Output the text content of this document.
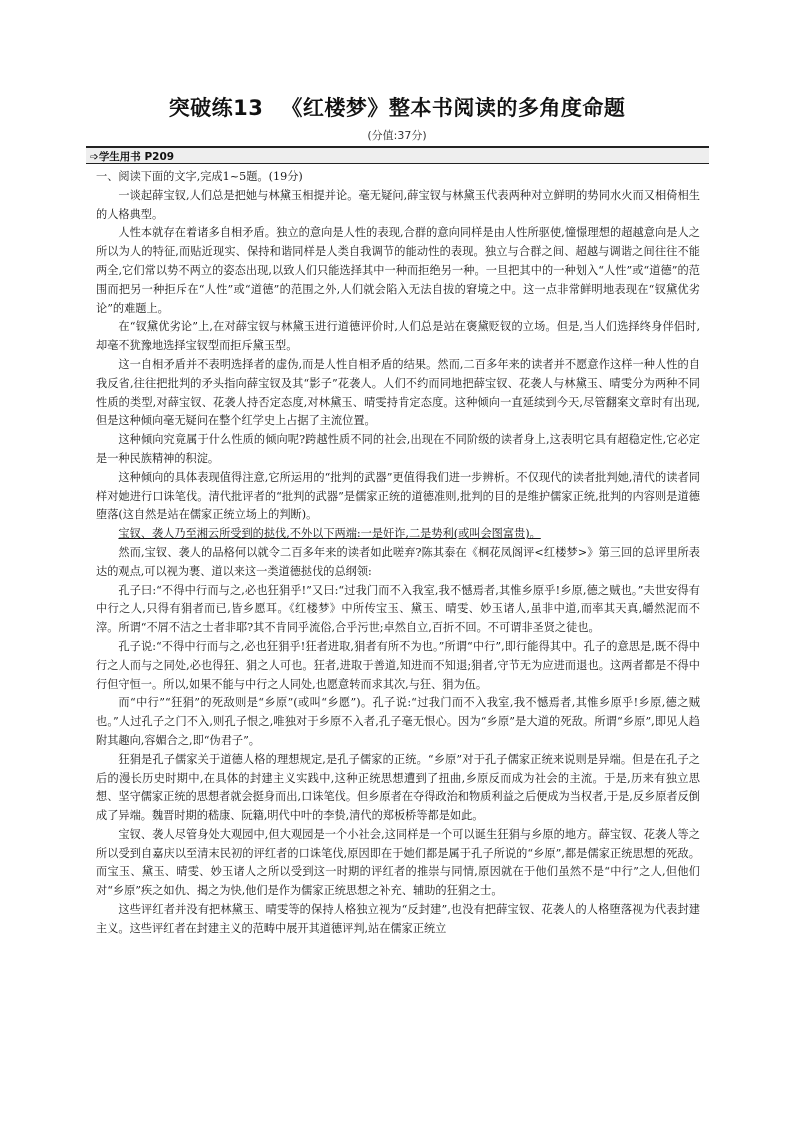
突破练13 《红楼梦》整本书阅读的多角度命题
(分值:37分)
➩学生用书 P209

一、阅读下面的文字,完成1~5题。(19分)

一谈起薛宝钗,人们总是把她与林黛玉相提并论。毫无疑问,薛宝钗与林黛玉代表两种对立鲜明的势同水火而又相倚相生的人格典型。

人性本就存在着诸多自相矛盾。独立的意向是人性的表现,合群的意向同样是由人性所驱使,憧憬理想的超越意向是人之所以为人的特征,而贴近现实、保持和谐同样是人类自我调节的能动性的表现。独立与合群之间、超越与调谐之间往往不能两全,它们常以势不两立的姿态出现,以致人们只能选择其中一种而拒绝另一种。一旦把其中的一种划入“人性”或“道德”的范围而把另一种拒斥在“人性”或“道德”的范围之外,人们就会陷入无法自拔的窘境之中。这一点非常鲜明地表现在“钗黛优劣论”的难题上。

在“钗黛优劣论”上,在对薛宝钗与林黛玉进行道德评价时,人们总是站在褒黛贬钗的立场。但是,当人们选择终身伴侣时,却毫不犹豫地选择宝钗型而拒斥黛玉型。

这一自相矛盾并不表明选择者的虚伪,而是人性自相矛盾的结果。然而,二百多年来的读者并不愿意作这样一种人性的自我反省,往往把批判的矛头指向薛宝钗及其“影子”花袭人。人们不约而同地把薛宝钗、花袭人与林黛玉、晴雯分为两种不同性质的类型,对薛宝钗、花袭人持否定态度,对林黛玉、晴雯持肯定态度。这种倾向一直延续到今天,尽管翻案文章时有出现,但是这种倾向毫无疑问在整个红学史上占据了主流位置。

这种倾向究竟属于什么性质的倾向呢?跨越性质不同的社会,出现在不同阶级的读者身上,这表明它具有超稳定性,它必定是一种民族精神的积淀。

这种倾向的具体表现值得注意,它所运用的“批判的武器”更值得我们进一步辨析。不仅现代的读者批判她,清代的读者同样对她进行口诛笔伐。清代批评者的“批判的武器”是儒家正统的道德准则,批判的目的是维护儒家正统,批判的内容则是道德堕落(这自然是站在儒家正统立场上的判断)。

宝钗、袭人乃至湘云所受到的挞伐,不外以下两端:一是奸诈,二是势利(或叫会图富贵)。

然而,宝钗、袭人的品格何以就令二百多年来的读者如此嗟弃?陈其泰在《桐花凤阁评<红楼梦>》第三回的总评里所表达的观点,可以视为裹、道以来这一类道德挞伐的总纲领:

孔子曰:“不得中行而与之,必也狂狷乎!”又曰:“过我门而不入我室,我不憾焉者,其惟乡原乎!乡原,德之贼也。”夫世安得有中行之人,只得有狷者而已,皆乡愿耳。《红楼梦》中所传宝玉、黛玉、晴雯、妙玉诸人,虽非中道,而率其天真,皭然泥而不滓。所谓“不屑不洁之士者非耶?其不肯同乎流俗,合乎污世;卓然自立,百折不回。不可谓非圣贤之徒也。

孔子说:“不得中行而与之,必也狂狷乎!狂者进取,狷者有所不为也。”所谓“中行”,即行能得其中。孔子的意思是,既不得中行之人而与之同处,必也得狂、狷之人可也。狂者,进取于善道,知进而不知退;狷者,守节无为应进而退也。这两者都是不得中行但守恒一。所以,如果不能与中行之人同处,也愿意转而求其次,与狂、狷为伍。

而“中行”“狂狷”的死敌则是“乡原”(或叫“乡愿”)。孔子说:“过我门而不入我室,我不憾焉者,其惟乡原乎!乡原,德之贼也。”人过孔子之门不入,则孔子恨之,唯独对于乡原不入者,孔子毫无恨心。因为“乡原”是大道的死敌。所谓“乡原”,即见人趋附其趣向,容媚合之,即“伪君子”。

狂狷是孔子儒家关于道德人格的理想规定,是孔子儒家的正统。“乡原”对于孔子儒家正统来说则是异端。但是在孔子之后的漫长历史时期中,在具体的封建主义实践中,这种正统思想遭到了扭曲,乡原反而成为社会的主流。于是,历来有独立思想、坚守儒家正统的思想者就会挺身而出,口诛笔伐。但乡原者在夺得政治和物质利益之后便成为当权者,于是,反乡原者反倒成了异端。魏晋时期的嵇康、阮籍,明代中叶的李贽,清代的郑板桥等都是如此。

宝钗、袭人尽管身处大观园中,但大观园是一个小社会,这同样是一个可以诞生狂狷与乡原的地方。薛宝钗、花袭人等之所以受到自嘉庆以至清末民初的评红者的口诛笔伐,原因即在于她们都是属于孔子所说的“乡原”,都是儒家正统思想的死敌。而宝玉、黛玉、晴雯、妙玉诸人之所以受到这一时期的评红者的推崇与同情,原因就在于他们虽然不是“中行”之人,但他们对“乡原”疾之如仇、揭之为快,他们是作为儒家正统思想之补充、辅助的狂狷之士。

这些评红者并没有把林黛玉、晴雯等的保持人格独立视为“反封建”,也没有把薛宝钗、花袭人的人格堕落视为代表封建主义。这些评红者在封建主义的范畴中展开其道德评判,站在儒家正统立
